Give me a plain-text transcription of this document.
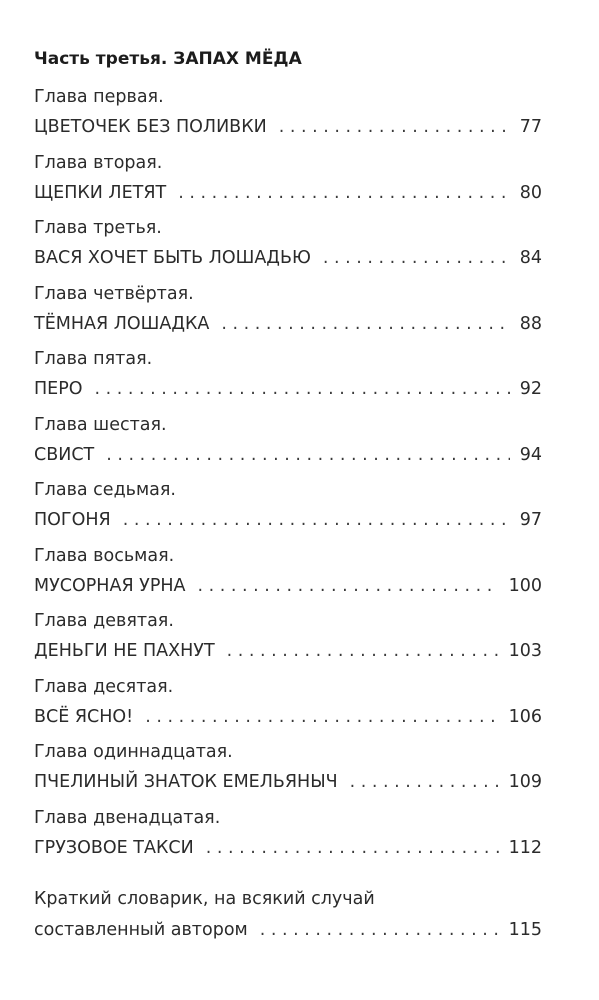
Часть третья. ЗАПАХ МЁДА
Глава первая.
ЦВЕТОЧЕК БЕЗ ПОЛИВКИ . . .	77
Глава вторая.
ЩЕПКИ ЛЕТЯТ . . .	80
Глава третья.
ВАСЯ ХОЧЕТ БЫТЬ ЛОШАДЬЮ . . .	84
Глава четвёртая.
ТЁМНАЯ ЛОШАДКА . . .	88
Глава пятая.
ПЕРО . . .	92
Глава шестая.
СВИСТ . . .	94
Глава седьмая.
ПОГОНЯ . . .	97
Глава восьмая.
МУСОРНАЯ УРНА . . .	100
Глава девятая.
ДЕНЬГИ НЕ ПАХНУТ . . .	103
Глава десятая.
ВСЁ ЯСНО! . . .	106
Глава одиннадцатая.
ПЧЕЛИНЫЙ ЗНАТОК ЕМЕЛЬЯНЫЧ . . .	109
Глава двенадцатая.
ГРУЗОВОЕ ТАКСИ . . .	112
Краткий словарик, на всякий случай
составленный автором . . .	115
